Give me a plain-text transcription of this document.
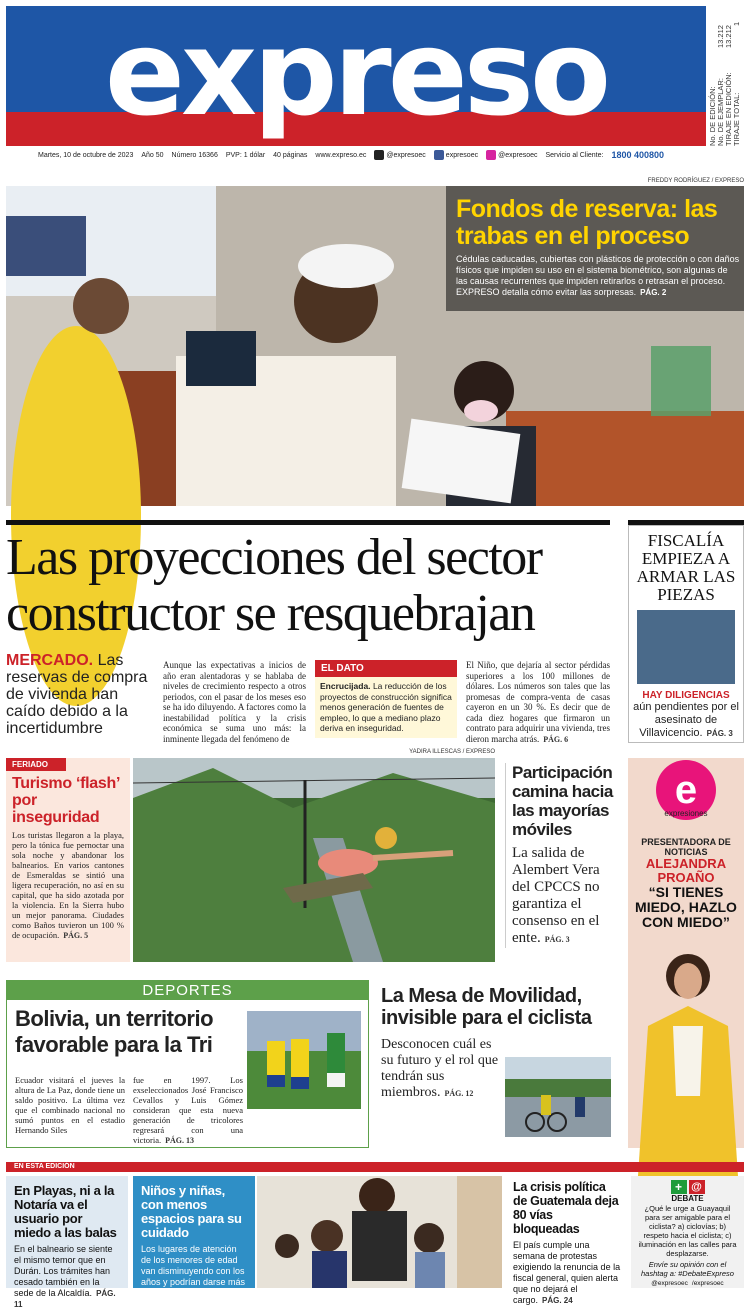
expreso	No. DE EDICIÓN: No. DE EJEMPLAR: TIRAJE EN EDICIÓN: TIRAJE TOTAL:
1
13.212 13.212
Martes, 10 de octubre de 2023 Año 50 Número 16366 PVP: 1 dólar 40 páginas www.expreso.ec	@expresoec	expresoec	@expresoec Servicio al Cliente: 1800 400800
FREDDY RODRÍGUEZ / EXPRESO
Fondos de reserva: las trabas en el proceso
Cédulas caducadas, cubiertas con plásticos de protección o con daños físicos que impiden su uso en el sistema biométrico, son algunas de las causas recurrentes que impiden retirarlos o retrasan el proceso. EXPRESO detalla cómo evitar las sorpresas. PÁG. 2
Las proyecciones del sector constructor se resquebrajan
MERCADO. Las reservas de compra de vivienda han caído debido a la incertidumbre
Aunque las expectativas a inicios de año eran alentadoras y se hablaba de niveles de crecimiento respecto a otros periodos, con el pasar de los meses eso se ha ido diluyendo. A factores como la inestabilidad política y la crisis económica se suma uno más: la inminente llegada del fenómeno de
EL DATO
Encrucijada. La reducción de los proyectos de construcción significa menos generación de fuentes de empleo, lo que a mediano plazo deriva en inseguridad.
El Niño, que dejaría al sector pérdidas superiores a los 100 millones de dólares. Los números son tales que las promesas de compra-venta de casas cayeron en un 30 %. Es decir que de cada diez hogares que firmaron un contrato para adquirir una vivienda, tres dieron marcha atrás. PÁG. 6
FISCALÍA EMPIEZA A ARMAR LAS PIEZAS
HAY DILIGENCIAS
aún pendientes por el asesinato de Villavicencio. PÁG. 3
YADIRA ILLESCAS / EXPRESO
FERIADO
Turismo ‘flash’ por inseguridad
Los turistas llegaron a la playa, pero la tónica fue pernoctar una sola noche y abandonar los balnearios. En varios cantones de Esmeraldas se sintió una ligera recuperación, no así en su capital, que ha sido azotada por la violencia. En la Sierra hubo un mejor panorama. Ciudades como Baños tuvieron un 100 % de ocupación. PÁG. 5
Participación camina hacia las mayorías móviles

La salida de Alembert Vera del CPCCS no garantiza el consenso en el ente. PÁG. 3

e
expresiones
PRESENTADORA DE NOTICIAS
ALEJANDRA PROAÑO
“SI TIENES MIEDO, HAZLO CON MIEDO”
DEPORTES
Bolivia, un territorio favorable para la Tri
Ecuador visitará el jueves la altura de La Paz, donde tiene un saldo positivo. La última vez que el combinado nacional no sumó puntos en el estadio Hernando Siles
fue en 1997. Los exseleccionados José Francisco Cevallos y Luis Gómez consideran que esta nueva generación de tricolores regresará con una victoria. PÁG. 13
La Mesa de Movilidad, invisible para el ciclista

Desconocen cuál es su futuro y el rol que tendrán sus miembros. PÁG. 12

EN ESTA EDICIÓN
En Playas, ni a la Notaría va el usuario por miedo a las balas

En el balneario se siente el mismo temor que en Durán. Los trámites han cesado también en la sede de la Alcaldía. PÁG. 11

Niños y niñas, con menos espacios para su cuidado

Los lugares de atención de los menores de edad van disminuyendo con los años y podrían darse más recortes. PÁG. 10

La crisis política de Guatemala deja 80 vías bloqueadas

El país cumple una semana de protestas exigiendo la renuncia de la fiscal general, quien alerta que no dejará el cargo. PÁG. 24

+ @
DEBATE

¿Qué le urge a Guayaquil para ser amigable para el ciclista? a) ciclovías; b) respeto hacia el ciclista; c) iluminación en las calles para desplazarse.

Envíe su opinión con el hashtag a: #DebateExpreso

@expresoec /expresoec
